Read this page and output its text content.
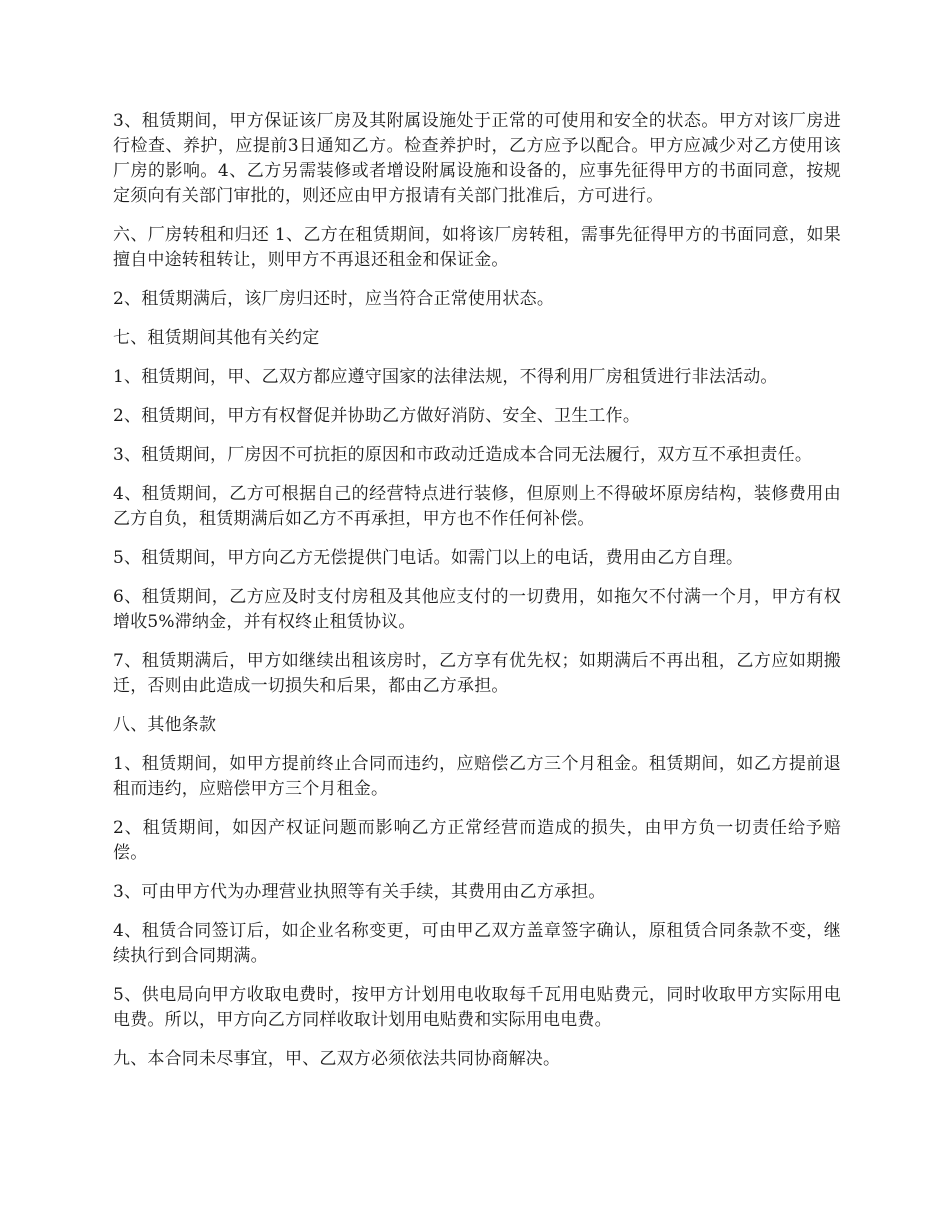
3、租赁期间，甲方保证该厂房及其附属设施处于正常的可使用和安全的状态。甲方对该厂房进行检查、养护，应提前3日通知乙方。检查养护时，乙方应予以配合。甲方应减少对乙方使用该厂房的影响。4、乙方另需装修或者增设附属设施和设备的，应事先征得甲方的书面同意，按规定须向有关部门审批的，则还应由甲方报请有关部门批准后，方可进行。

六、厂房转租和归还 1、乙方在租赁期间，如将该厂房转租，需事先征得甲方的书面同意，如果擅自中途转租转让，则甲方不再退还租金和保证金。

2、租赁期满后，该厂房归还时，应当符合正常使用状态。

七、租赁期间其他有关约定

1、租赁期间，甲、乙双方都应遵守国家的法律法规，不得利用厂房租赁进行非法活动。

2、租赁期间，甲方有权督促并协助乙方做好消防、安全、卫生工作。

3、租赁期间，厂房因不可抗拒的原因和市政动迁造成本合同无法履行，双方互不承担责任。

4、租赁期间，乙方可根据自己的经营特点进行装修，但原则上不得破坏原房结构，装修费用由乙方自负，租赁期满后如乙方不再承担，甲方也不作任何补偿。

5、租赁期间，甲方向乙方无偿提供门电话。如需门以上的电话，费用由乙方自理。

6、租赁期间，乙方应及时支付房租及其他应支付的一切费用，如拖欠不付满一个月，甲方有权增收5%滞纳金，并有权终止租赁协议。

7、租赁期满后，甲方如继续出租该房时，乙方享有优先权；如期满后不再出租，乙方应如期搬迁，否则由此造成一切损失和后果，都由乙方承担。

八、其他条款

1、租赁期间，如甲方提前终止合同而违约，应赔偿乙方三个月租金。租赁期间，如乙方提前退租而违约，应赔偿甲方三个月租金。

2、租赁期间，如因产权证问题而影响乙方正常经营而造成的损失，由甲方负一切责任给予赔偿。

3、可由甲方代为办理营业执照等有关手续，其费用由乙方承担。

4、租赁合同签订后，如企业名称变更，可由甲乙双方盖章签字确认，原租赁合同条款不变，继续执行到合同期满。

5、供电局向甲方收取电费时，按甲方计划用电收取每千瓦用电贴费元，同时收取甲方实际用电电费。所以，甲方向乙方同样收取计划用电贴费和实际用电电费。

九、本合同未尽事宜，甲、乙双方必须依法共同协商解决。
